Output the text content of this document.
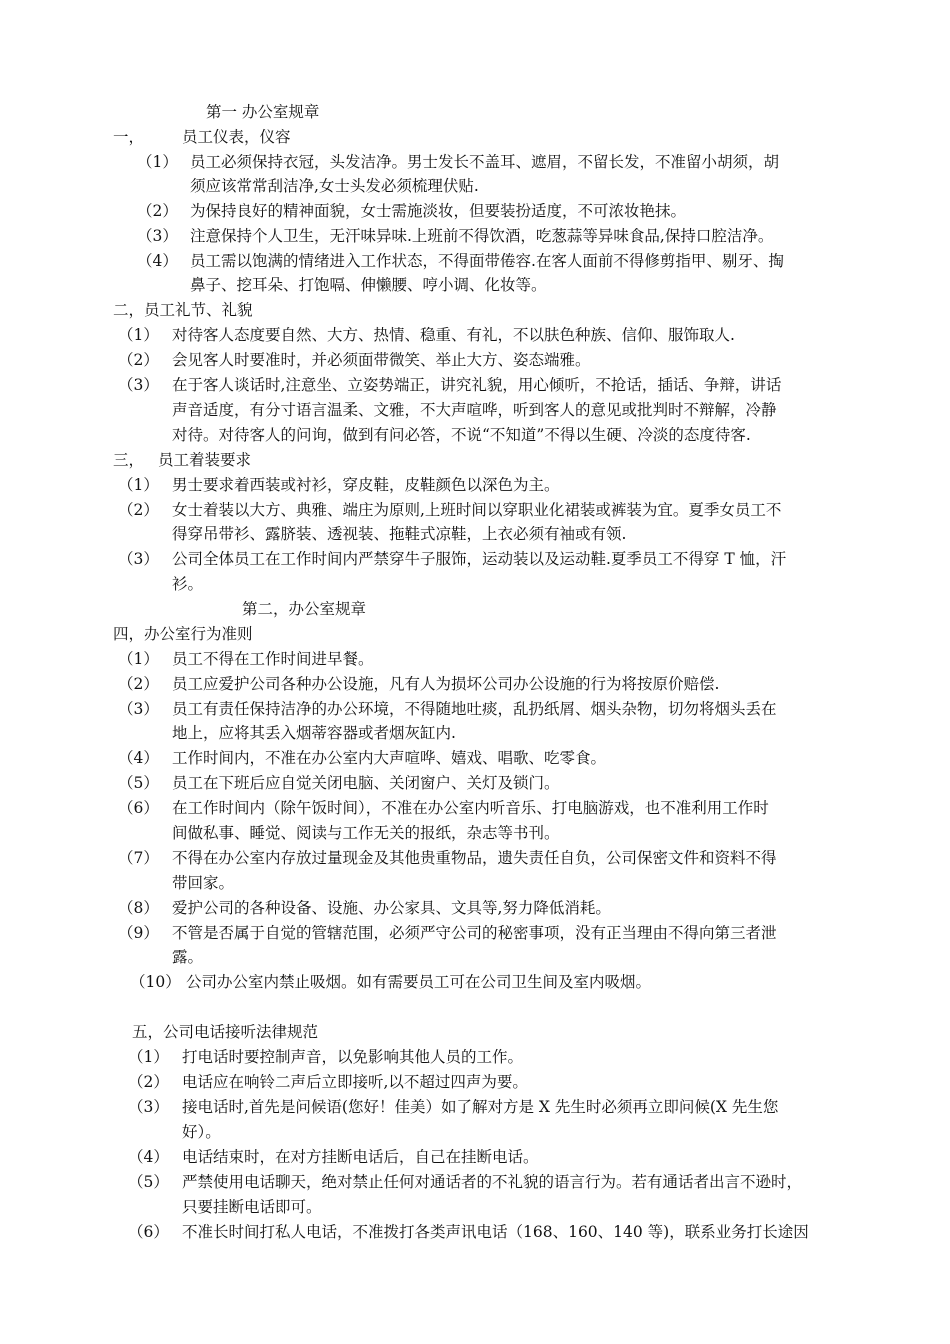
第一 办公室规章
一， 员工仪表，仪容
（1） 员工必须保持衣冠，头发洁净。男士发长不盖耳、遮眉，不留长发，不准留小胡须，胡
须应该常常刮洁净,女士头发必须梳理伏贴.
（2） 为保持良好的精神面貌，女士需施淡妆，但要装扮适度，不可浓妆艳抹。
（3） 注意保持个人卫生，无汗味异味.上班前不得饮酒，吃葱蒜等异味食品,保持口腔洁净。
（4） 员工需以饱满的情绪进入工作状态，不得面带倦容.在客人面前不得修剪指甲、剔牙、掏
鼻子、挖耳朵、打饱嗝、伸懒腰、哼小调、化妆等。
二，员工礼节、礼貌
（1） 对待客人态度要自然、大方、热情、稳重、有礼，不以肤色种族、信仰、服饰取人.
（2） 会见客人时要准时，并必须面带微笑、举止大方、姿态端雅。
（3） 在于客人谈话时,注意坐、立姿势端正，讲究礼貌，用心倾听，不抢话，插话、争辩，讲话
声音适度，有分寸语言温柔、文雅，不大声喧哗，听到客人的意见或批判时不辩解，冷静
对待。对待客人的问询，做到有问必答，不说“不知道”不得以生硬、冷淡的态度待客.
三， 员工着装要求
（1） 男士要求着西装或衬衫，穿皮鞋，皮鞋颜色以深色为主。
（2） 女士着装以大方、典雅、端庄为原则,上班时间以穿职业化裙装或裤装为宜。夏季女员工不
得穿吊带衫、露脐装、透视装、拖鞋式凉鞋，上衣必须有袖或有领.
（3） 公司全体员工在工作时间内严禁穿牛子服饰，运动装以及运动鞋.夏季员工不得穿 T 恤，汗
衫。
第二，办公室规章
四，办公室行为准则
（1） 员工不得在工作时间进早餐。
（2） 员工应爱护公司各种办公设施，凡有人为损坏公司办公设施的行为将按原价赔偿.
（3） 员工有责任保持洁净的办公环境，不得随地吐痰，乱扔纸屑、烟头杂物，切勿将烟头丢在
地上，应将其丢入烟蒂容器或者烟灰缸内.
（4） 工作时间内，不准在办公室内大声喧哗、嬉戏、唱歌、吃零食。
（5） 员工在下班后应自觉关闭电脑、关闭窗户、关灯及锁门。
（6） 在工作时间内（除午饭时间），不准在办公室内听音乐、打电脑游戏，也不准利用工作时
间做私事、睡觉、阅读与工作无关的报纸，杂志等书刊。
（7） 不得在办公室内存放过量现金及其他贵重物品，遗失责任自负，公司保密文件和资料不得
带回家。
（8） 爱护公司的各种设备、设施、办公家具、文具等,努力降低消耗。
（9） 不管是否属于自觉的管辖范围，必须严守公司的秘密事项，没有正当理由不得向第三者泄
露。
（10） 公司办公室内禁止吸烟。如有需要员工可在公司卫生间及室内吸烟。
五，公司电话接听法律规范
（1） 打电话时要控制声音，以免影响其他人员的工作。
（2） 电话应在响铃二声后立即接听,以不超过四声为要。
（3） 接电话时,首先是问候语(您好！佳美）如了解对方是 X 先生时必须再立即问候(X 先生您
好）。
（4） 电话结束时，在对方挂断电话后，自己在挂断电话。
（5） 严禁使用电话聊天，绝对禁止任何对通话者的不礼貌的语言行为。若有通话者出言不逊时，
只要挂断电话即可。
（6） 不准长时间打私人电话，不准拨打各类声讯电话（168、160、140 等)，联系业务打长途因
